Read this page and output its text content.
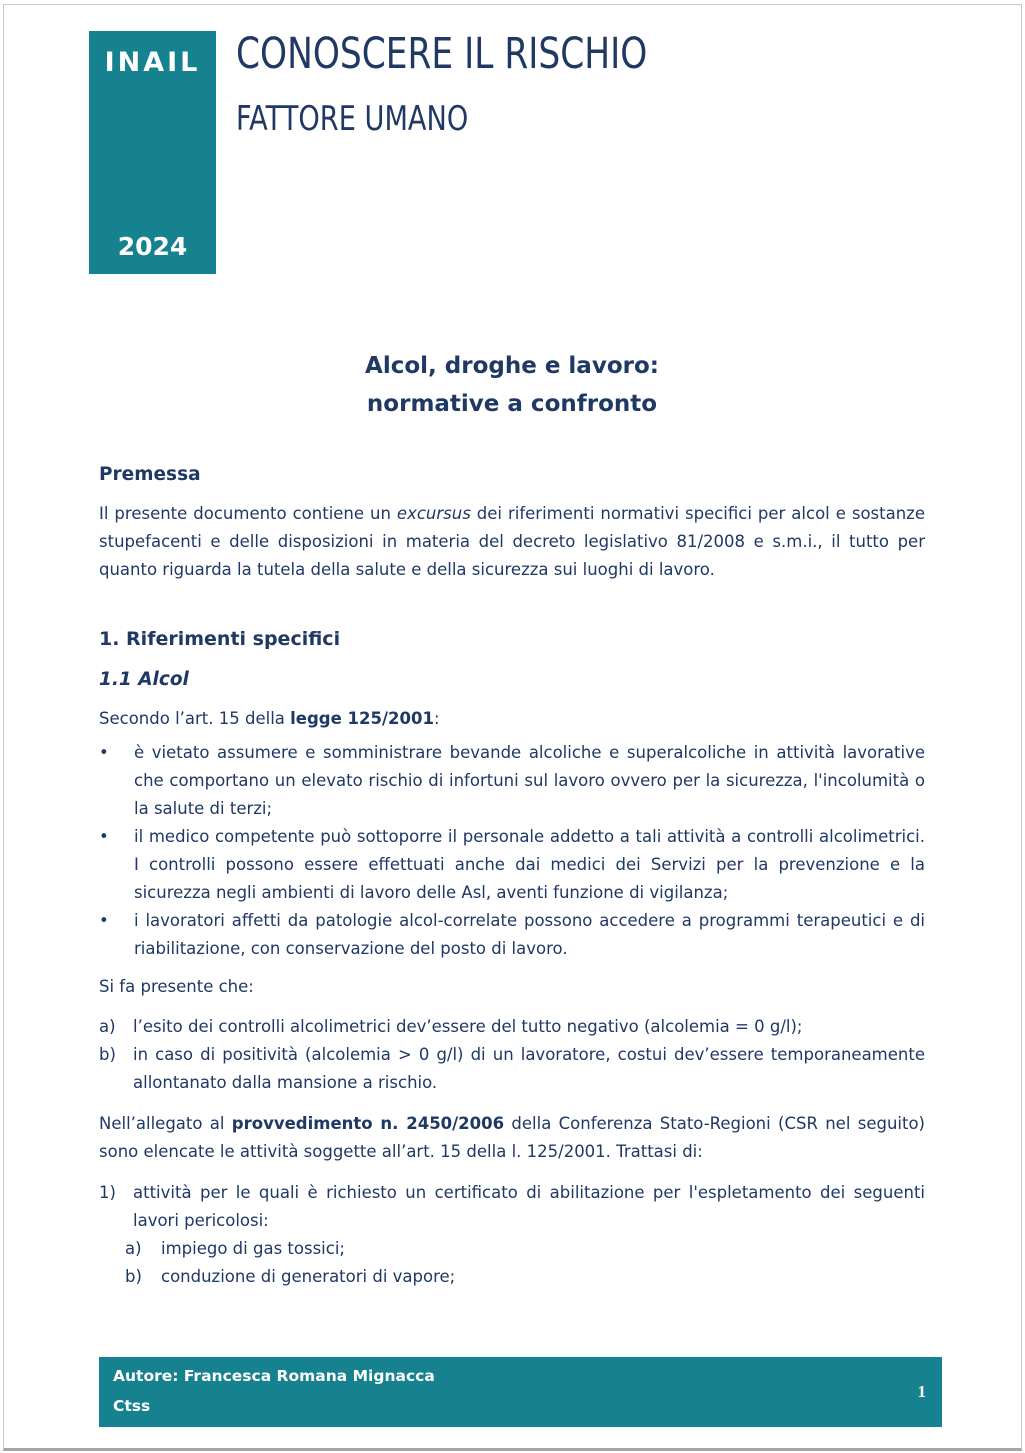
INAIL
2024
CONOSCERE IL RISCHIO
FATTORE UMANO
Alcol, droghe e lavoro:
normative a confronto
Premessa

Il presente documento contiene un excursus dei riferimenti normativi specifici per alcol e sostanze stupefacenti e delle disposizioni in materia del decreto legislativo 81/2008 e s.m.i., il tutto per quanto riguarda la tutela della salute e della sicurezza sui luoghi di lavoro.

1. Riferimenti specifici
1.1 Alcol

Secondo l’art. 15 della legge 125/2001:

•	è vietato assumere e somministrare bevande alcoliche e superalcoliche in attività lavorative che comportano un elevato rischio di infortuni sul lavoro ovvero per la sicurezza, l'incolumità o la salute di terzi;
•	il medico competente può sottoporre il personale addetto a tali attività a controlli alcolimetrici. I controlli possono essere effettuati anche dai medici dei Servizi per la prevenzione e la sicurezza negli ambienti di lavoro delle Asl, aventi funzione di vigilanza;
•	i lavoratori affetti da patologie alcol-correlate possono accedere a programmi terapeutici e di riabilitazione, con conservazione del posto di lavoro.

Si fa presente che:

a)	l’esito dei controlli alcolimetrici dev’essere del tutto negativo (alcolemia = 0 g/l);
b)	in caso di positività (alcolemia > 0 g/l) di un lavoratore, costui dev’essere temporaneamente allontanato dalla mansione a rischio.

Nell’allegato al provvedimento n. 2450/2006 della Conferenza Stato-Regioni (CSR nel seguito) sono elencate le attività soggette all’art. 15 della l. 125/2001. Trattasi di:

1)	attività per le quali è richiesto un certificato di abilitazione per l'espletamento dei seguenti lavori pericolosi:
a)	impiego di gas tossici;
b)	conduzione di generatori di vapore;
Autore: Francesca Romana Mignacca
Ctss
1
